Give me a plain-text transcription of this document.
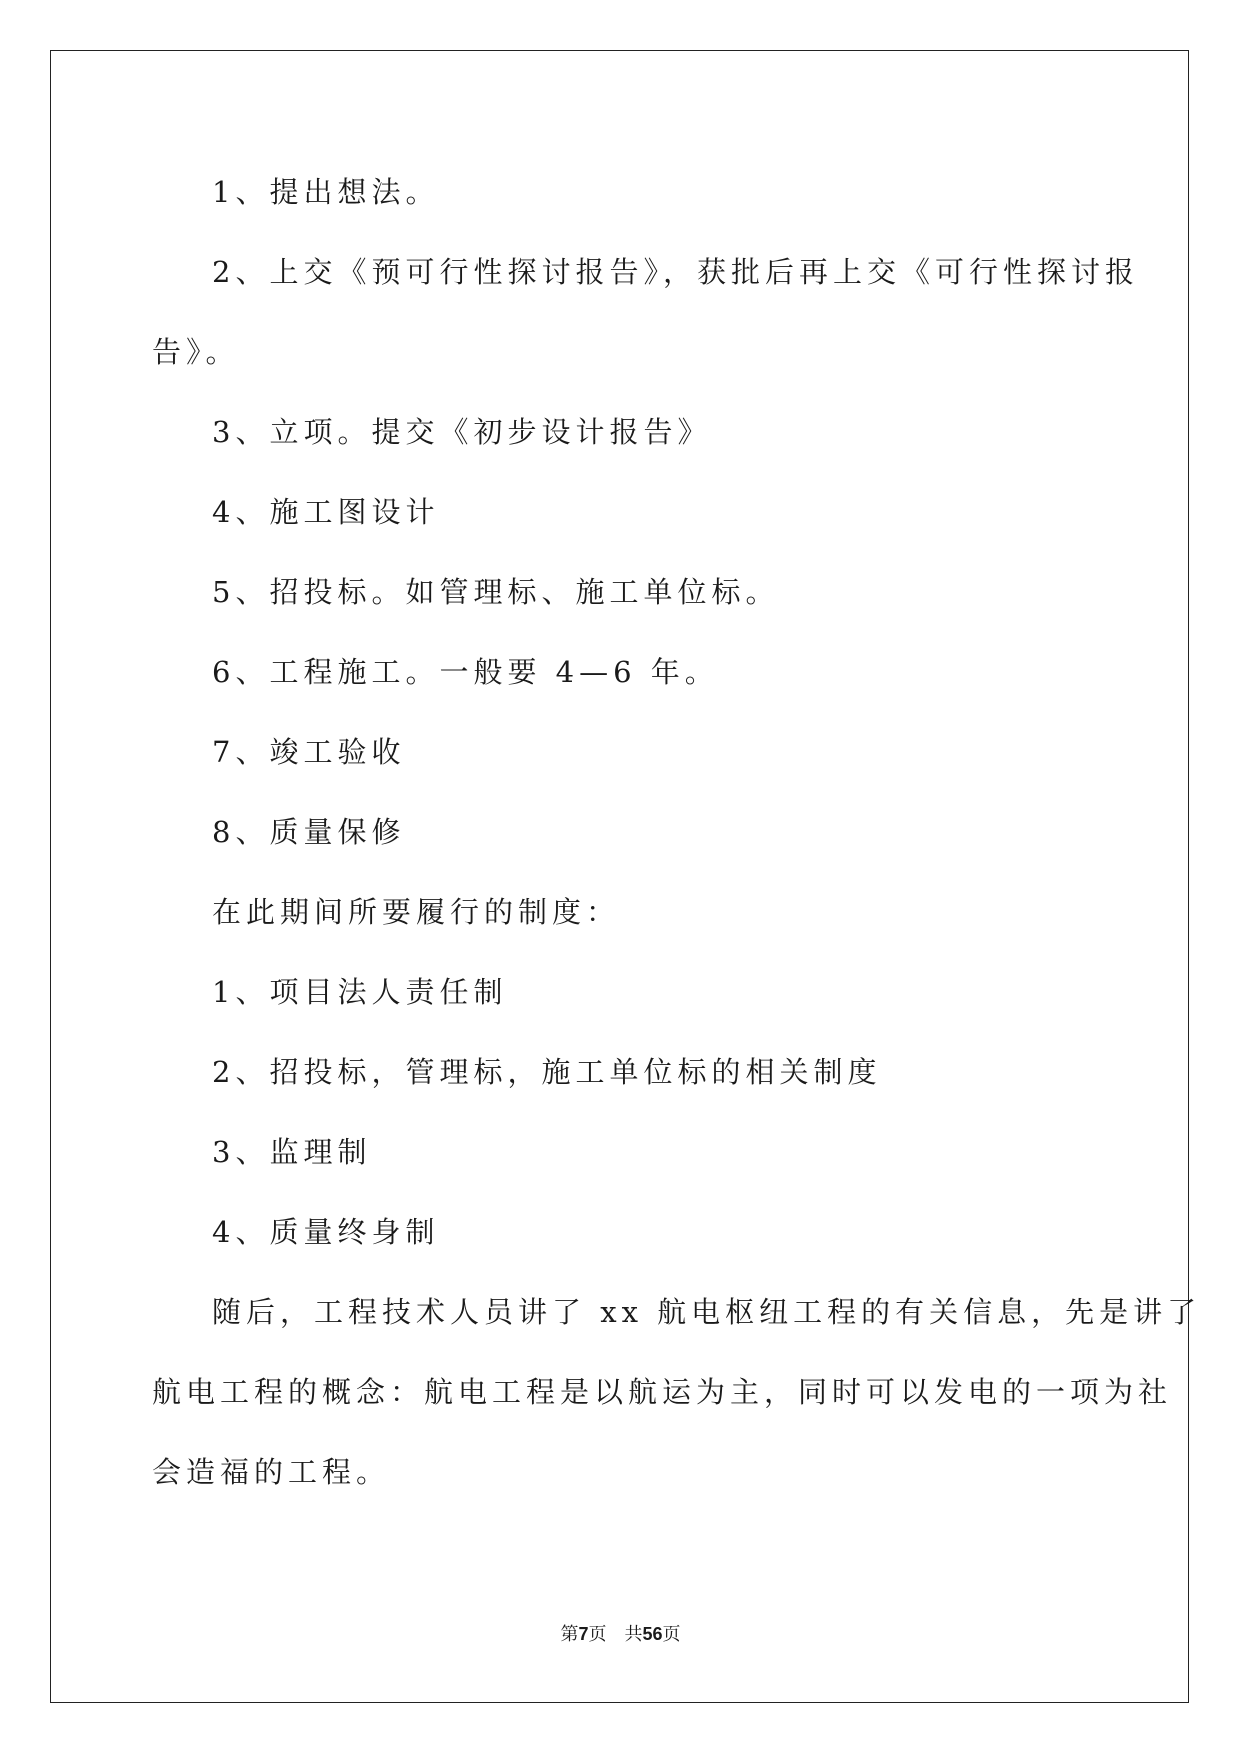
1、提出想法。
2、上交《预可行性探讨报告》，获批后再上交《可行性探讨报
告》。
3、立项。提交《初步设计报告》
4、施工图设计
5、招投标。如管理标、施工单位标。
6、工程施工。一般要 4—6 年。
7、竣工验收
8、质量保修
在此期间所要履行的制度：
1、项目法人责任制
2、招投标，管理标，施工单位标的相关制度
3、监理制
4、质量终身制
随后，工程技术人员讲了 xx 航电枢纽工程的有关信息，先是讲了
航电工程的概念：航电工程是以航运为主，同时可以发电的一项为社
会造福的工程。
第7页　共56页
